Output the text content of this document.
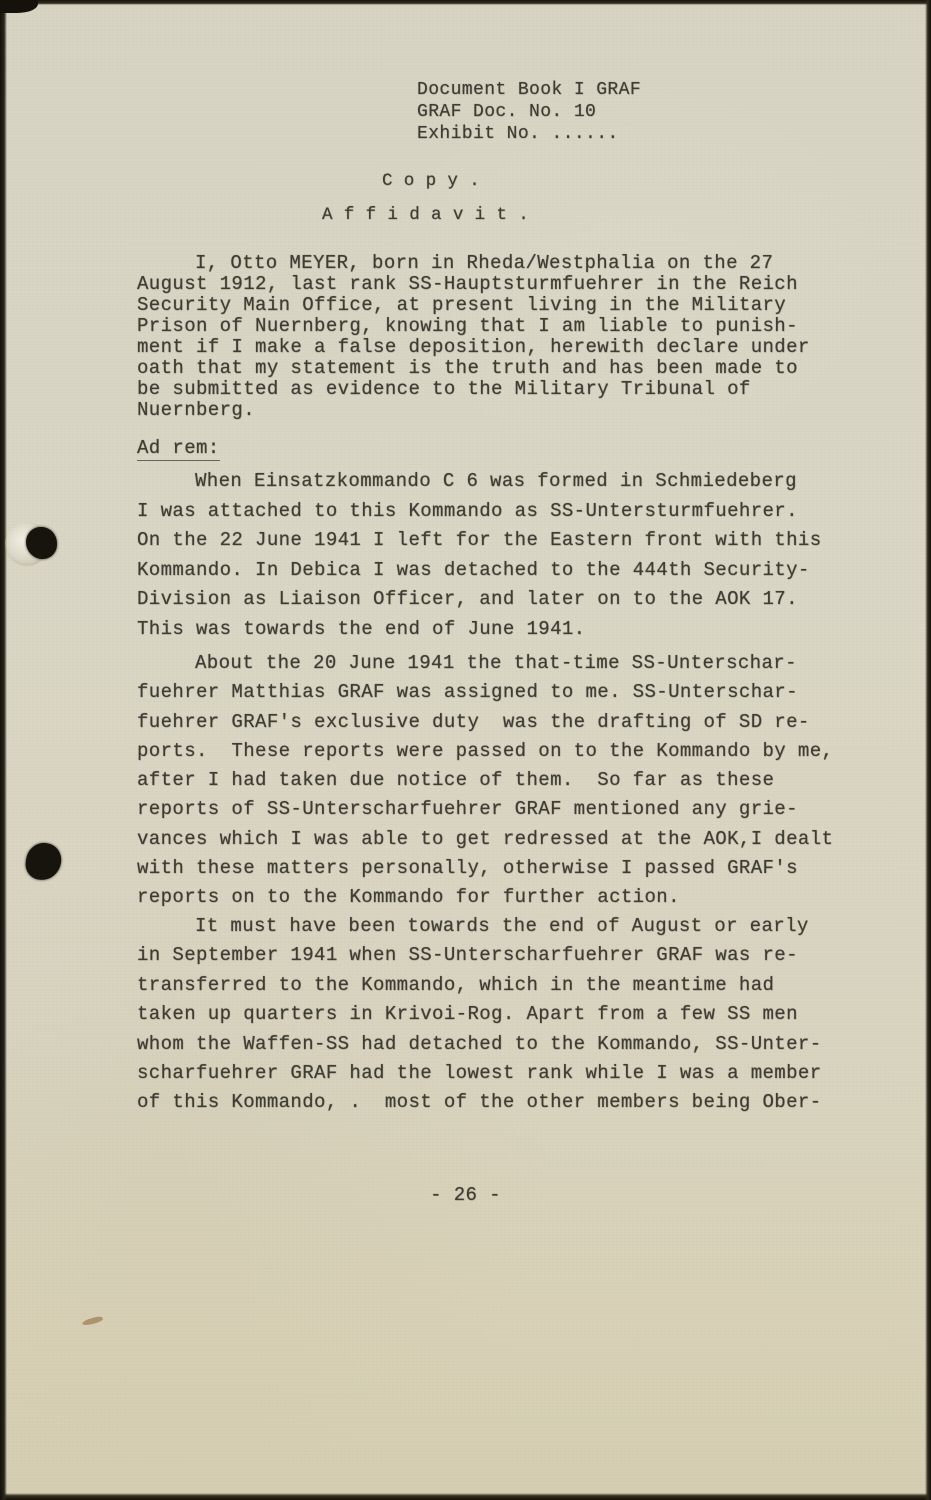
Document Book I GRAF
GRAF Doc. No. 10
Exhibit No. ......
C o p y .
A f f i d a v i t .
I, Otto MEYER, born in Rheda/Westphalia on the 27
August 1912, last rank SS-Hauptsturmfuehrer in the Reich
Security Main Office, at present living in the Military
Prison of Nuernberg, knowing that I am liable to punish-
ment if I make a false deposition, herewith declare under
oath that my statement is the truth and has been made to
be submitted as evidence to the Military Tribunal of
Nuernberg.
Ad rem:
When Einsatzkommando C 6 was formed in Schmiedeberg
I was attached to this Kommando as SS-Untersturmfuehrer.
On the 22 June 1941 I left for the Eastern front with this
Kommando. In Debica I was detached to the 444th Security-
Division as Liaison Officer, and later on to the AOK 17.
This was towards the end of June 1941.
About the 20 June 1941 the that-time SS-Unterschar-
fuehrer Matthias GRAF was assigned to me. SS-Unterschar-
fuehrer GRAF's exclusive duty  was the drafting of SD re-
ports.  These reports were passed on to the Kommando by me,
after I had taken due notice of them.  So far as these
reports of SS-Unterscharfuehrer GRAF mentioned any grie-
vances which I was able to get redressed at the AOK,I dealt
with these matters personally, otherwise I passed GRAF's
reports on to the Kommando for further action.
It must have been towards the end of August or early
in September 1941 when SS-Unterscharfuehrer GRAF was re-
transferred to the Kommando, which in the meantime had
taken up quarters in Krivoi-Rog. Apart from a few SS men
whom the Waffen-SS had detached to the Kommando, SS-Unter-
scharfuehrer GRAF had the lowest rank while I was a member
of this Kommando, .  most of the other members being Ober-
- 26 -
